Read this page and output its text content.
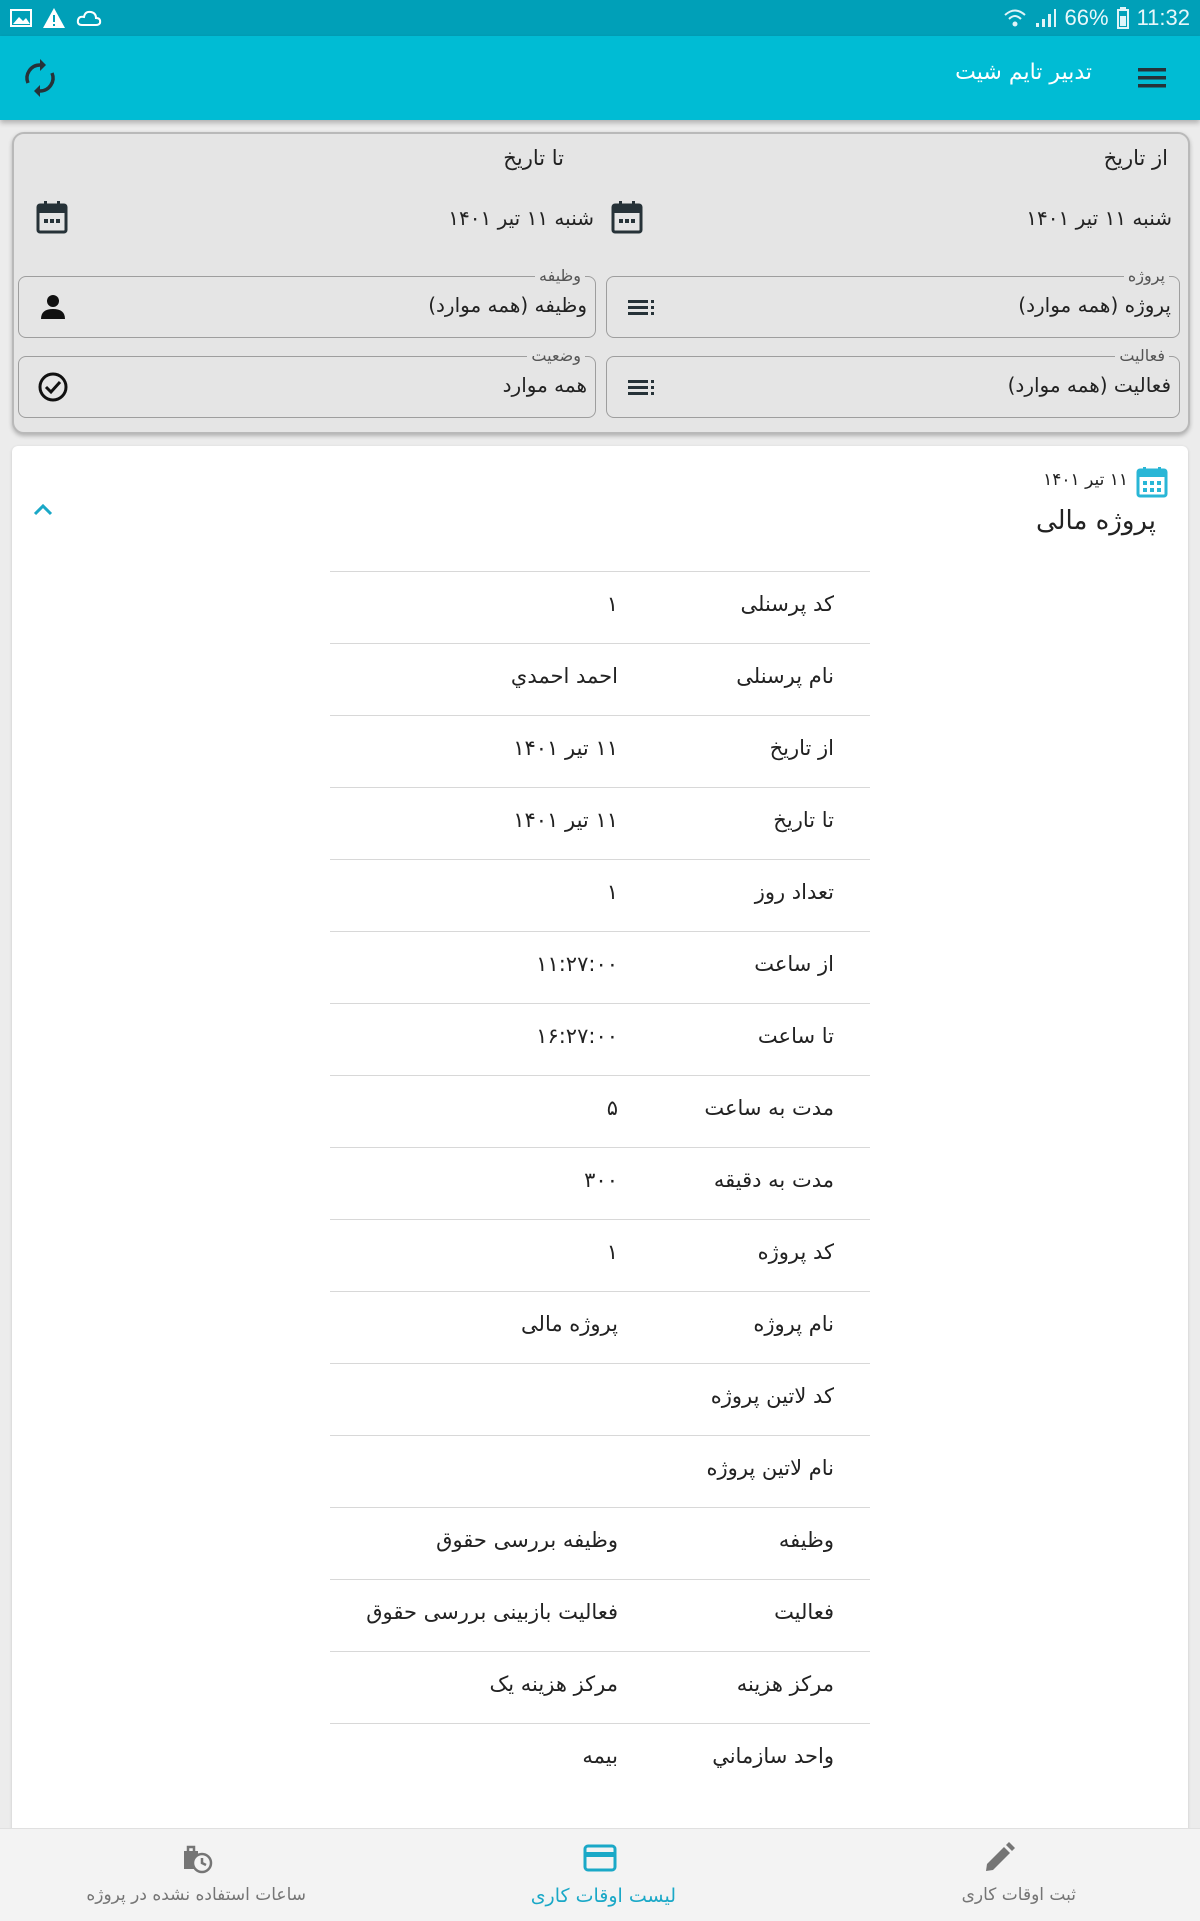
66% 11:32
تدبیر تایم شیت
از تاریخ
شنبه ۱۱ تیر ۱۴۰۱
تا تاریخ
شنبه ۱۱ تیر ۱۴۰۱
پروژه
پروژه (همه موارد)
وظیفه
وظیفه (همه موارد)
فعالیت
فعالیت (همه موارد)
وضعیت
همه موارد
۱۱ تیر ۱۴۰۱
پروژه مالی
کد پرسنلی
۱
نام پرسنلی
احمد احمدي
از تاریخ
۱۱ تیر ۱۴۰۱
تا تاریخ
۱۱ تیر ۱۴۰۱
تعداد روز
۱
از ساعت
۱۱:۲۷:۰۰
تا ساعت
۱۶:۲۷:۰۰
مدت به ساعت
۵
مدت به دقیقه
۳۰۰
کد پروژه
۱
نام پروژه
پروژه مالی
کد لاتین پروژه
نام لاتین پروژه
وظیفه
وظیفه بررسی حقوق
فعالیت
فعالیت بازبینی بررسی حقوق
مرکز هزینه
مرکز هزینه یک
واحد سازماني
بیمه
ساعات استفاده نشده در پروژه	لیست اوقات کاری	ثبت اوقات کاری
